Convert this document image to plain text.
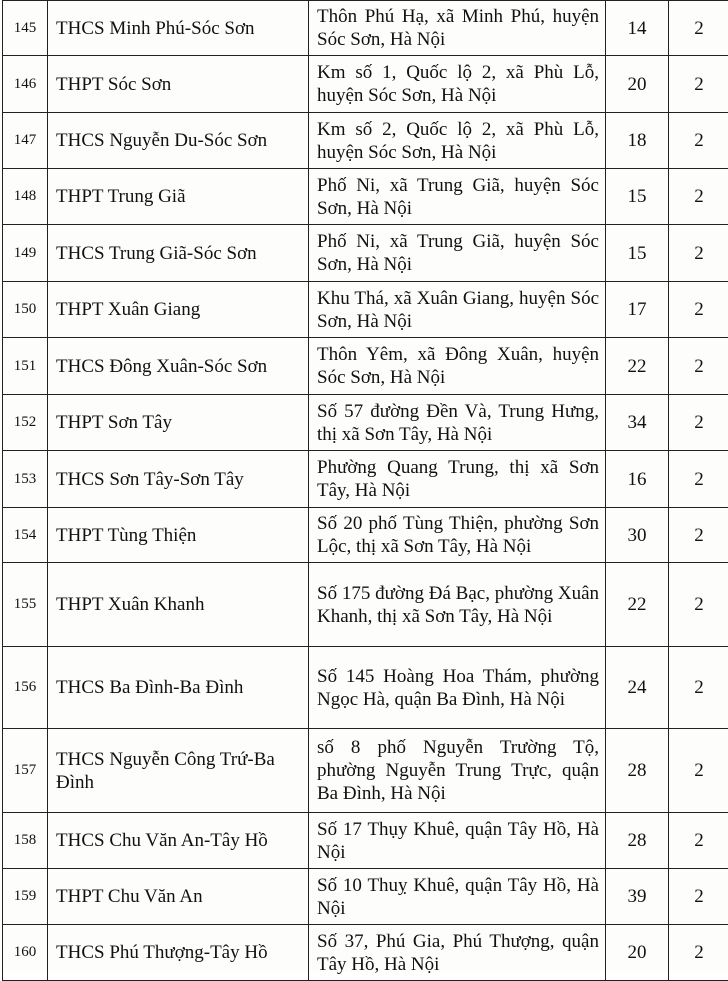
145	THCS Minh Phú-Sóc Sơn	Thôn Phú Hạ, xã Minh Phú, huyện Sóc Sơn, Hà Nội	14	2
146	THPT Sóc Sơn	Km số 1, Quốc lộ 2, xã Phù Lỗ, huyện Sóc Sơn, Hà Nội	20	2
147	THCS Nguyễn Du-Sóc Sơn	Km số 2, Quốc lộ 2, xã Phù Lỗ, huyện Sóc Sơn, Hà Nội	18	2
148	THPT Trung Giã	Phố Ni, xã Trung Giã, huyện Sóc Sơn, Hà Nội	15	2
149	THCS Trung Giã-Sóc Sơn	Phố Ni, xã Trung Giã, huyện Sóc Sơn, Hà Nội	15	2
150	THPT Xuân Giang	Khu Thá, xã Xuân Giang, huyện Sóc Sơn, Hà Nội	17	2
151	THCS Đông Xuân-Sóc Sơn	Thôn Yêm, xã Đông Xuân, huyện Sóc Sơn, Hà Nội	22	2
152	THPT Sơn Tây	Số 57 đường Đền Và, Trung Hưng, thị xã Sơn Tây, Hà Nội	34	2
153	THCS Sơn Tây-Sơn Tây	Phường Quang Trung, thị xã Sơn Tây, Hà Nội	16	2
154	THPT Tùng Thiện	Số 20 phố Tùng Thiện, phường Sơn Lộc, thị xã Sơn Tây, Hà Nội	30	2
155	THPT Xuân Khanh	Số 175 đường Đá Bạc, phường Xuân Khanh, thị xã Sơn Tây, Hà Nội	22	2
156	THCS Ba Đình-Ba Đình	Số 145 Hoàng Hoa Thám, phường Ngọc Hà, quận Ba Đình, Hà Nội	24	2
157	THCS Nguyễn Công Trứ-Ba Đình	số 8 phố Nguyễn Trường Tộ, phường Nguyễn Trung Trực, quận Ba Đình, Hà Nội	28	2
158	THCS Chu Văn An-Tây Hồ	Số 17 Thụy Khuê, quận Tây Hồ, Hà Nội	28	2
159	THPT Chu Văn An	Số 10 Thuỵ Khuê, quận Tây Hồ, Hà Nội	39	2
160	THCS Phú Thượng-Tây Hồ	Số 37, Phú Gia, Phú Thượng, quận Tây Hồ, Hà Nội	20	2
